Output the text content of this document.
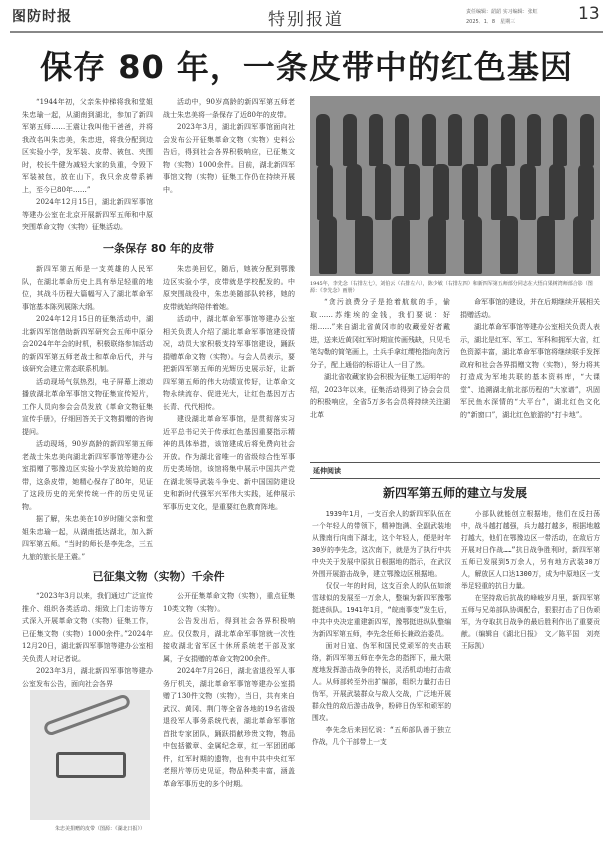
图防时报	特别报道	责任编辑：韶韶 实习编辑：张虹
2025．1．8　星期三	13
保存 80 年，一条皮带中的红色基因

“1944年初，父亲朱仲梯将我和堂姐朱忠瑜一起，从湖南到湖北，参加了新四军第五师……王震让我叫他干爸爸，并将我改名叫朱忠美，朱忠进，将我分配到边区实验小学，发军装、皮带、被包、夹围时，校长牛健为减轻大家的负重，令毁下军装被包，放在山下，我只余皮带系裤上，至今已80年……”

2024年12月15日，湖北新四军事馆等建办公室在北京开展新四军五师和中原突围革命文物（实物）征集活动。

活动中，90岁高龄的新四军第五师老战士朱忠美将一条保存了近80年的皮带。

2023年3月，湖北新四军事馆面向社会发布公开征集革命文物（实物）史料公告后，得到社会各界积极响应，已征集文物（实物）1000余件。目前，湖北新四军事馆文物（实物）征集工作仍在持续开展中。

1945年，李先念（右排左七），刘伯云（右排左六），陈少敏（右排左四）和新四军第五师部分同志在大悟白果树湾师部合影（图源：《李先念》画册）
一条保存 80 年的皮带

新四军第五师是一支英雄的人民军队，在湖北革命历史上具有举足轻重的地位，其战斗历程大篇幅写入了湖北革命军事馆基本陈列展陈大纲。

2024年12月15日的征集活动中，湖北新四军馆借助新四军研究会五师中原分会2024年年会的时机，积极联络参加活动的新四军第五师老战士和革命后代，并与该研究会建立常态联系机制。

活动现场气氛热烈，电子屏幕上滚动播放湖北革命军事馆文物征集宣传短片，工作人员向参会会员发放《革命文物征集宣传手册》，仔细回答关于文物捐赠的咨询提问。

活动现场，90岁高龄的新四军第五师老战士朱忠美向湖北新四军事馆等建办公室捐赠了鄂豫边区实验小学发放给她的皮带，这条皮带，她精心保存了80年，见证了这段历史的光荣传统一件的历史见证物。

据了解，朱忠美在10岁时随父亲和堂姐朱忠瑜一起，从湖南抵达湖北，加入新四军第五师。“当时的师长是李先念，三五九旅的旅长是王震。”

朱忠美回忆，随后，她被分配到鄂豫边区实验小学，皮带就是学校配发的。中原突围战役中，朱忠美随部队转移，她的皮带就始终陪伴着她。

活动中，湖北革命军事馆等建办公室相关负责人介绍了湖北革命军事馆建设情况，动员大家积极支持军事馆建设，踊跃捐赠革命文物（实物）。与会人员表示，要把新四军第五师的光辉历史展示好，让新四军第五师的伟大功绩宣传好，让革命文物永续流存、促进光大，让红色基因万古长青、代代相传。

建设湖北革命军事馆，是贯彻落实习近平总书记关于传承红色基因重要指示精神的具体举措，该馆建成后将免费向社会开放。作为湖北省唯一的省级综合性军事历史类场馆，该馆将集中展示中国共产党在湖北领导武装斗争史、新中国国防建设史和新时代强军兴军伟大实践，延伸展示军事历史文化，是重要红色教育阵地。

已征集文物（实物）千余件

“2023年3月以来，我们通过广泛宣传推介、组织各类活动、细致上门走访等方式深入开展革命文物（实物）征集工作，已征集文物（实物）1000余件。”2024年12月20日，湖北新四军事馆等建办公室相关负责人对记者说。

2023年3月，湖北新四军事馆等建办公室发布公告，面向社会各界

公开征集革命文物（实物），重点征集10类文物（实物）。

公告发出后，得到社会各界积极响应。仅仅数月，湖北革命军事馆就一次性接收湖北省军区十休所系统老干部及家属，子女捐赠的革命文物200余件。

2024年7月26日，湖北省退役军人事务厅机关，湖北革命军事馆等建办公室捐赠了130件文物（实物），当日，共有来自武汉、黄冈、荆门等全省各地的19名省级退役军人事务系统代表，湖北革命军事馆首批专家团队，踊跃捐献珍贵文物，物品中包括徽章、金属纪念章，红一军团团邮件，红军时期的遗物，也有中共中央红军老照片等历史见证，物品种类丰富，涵盖革命军事历史的多个时期。

朱忠美捐赠的皮带（图源：《湖北日报》）

“贪污浪费分子是抢着航航的手，偷取……苏维埃的金钱，我们要说：好细……”来自湖北省黄冈市的收藏爱好者戴进，送来近黄冈红军时期宣传画残缺，只见毛笔勾勒的简笔画上，土兵手拿红缨枪指向贪污分子，配上通俗的标语让人一目了然。

湖北省收藏家协会积极为征集工运明年的绍，2023年以来，征集活动得到了协会会员的积极响应，全省5万多名会员将持续关注湖北革

命军事馆的建设，并在后期继续开展相关捐赠活动。

湖北革命军事馆等建办公室相关负责人表示，湖北是红军、军工、军科和拥军大省，红色资源丰富，湖北革命军事馆将继续联手发挥政府和社会各界捐赠文物（实物），努力将其打造成为军地共联的基本资料库，“大课堂”、追溯湖北航北部历程的“大家谱”，巩固军民鱼水深情的“大平台”，湖北红色文化的“新窗口”，湖北红色旅游的“打卡地”。

延伸阅读
新四军第五师的建立与发展

1939年1月，一支百余人的新四军队伍在一个年轻人的带领下，精神饱满、全副武装地从豫南行向南下湖北，这个年轻人，便是时年30岁的李先念，这次南下，就是为了执行中共中央关于发展中原抗日根据地的指示，在武汉外围开展游击战争，建立鄂豫边区根据地。

仅仅一年的时间，这支百余人的队伍如滚雪球似的发展至一万余人，整编为新四军豫鄂挺进纵队。1941年1月，“皖南事变”发生后，中共中央决定重建新四军，豫鄂挺进纵队整编为新四军第五师，李先念任师长兼政治委员。

面对日寇、伪军和国民党顽军的夹击联络，新四军第五师在李先念的指挥下，最大限度地发挥游击战争的特长，灵活机动地打击敌人。从师部转至外出扩编部，组织力量打击日伪军，开展武装群众与敌人交战，广泛地开展群众性的敌后游击战争，粉碎日伪军和顽军的围攻。

李先念后来回忆说：“五师部队善于独立作战，几个干部带上一支

小部队就能创立根据地，他们在反扫荡中，战斗越打越强，兵力越打越多，根据地越打越大，他们在鄂豫边区一带活动，在敌后方开展对日作战……”抗日战争胜利时，新四军第五师已发展到5万余人，另有地方武装30万人，解放区人口达1300万，成为中原地区一支举足轻重的抗日力量。

在坚持敌后抗战的峰峻岁月里，新四军第五师与兄弟部队协调配合，狠狠打击了日伪顽军，为夺取抗日战争的最后胜利作出了重要贡献。（编辑自《湖北日报》　文／陈平国　刘亮　王际凯）
